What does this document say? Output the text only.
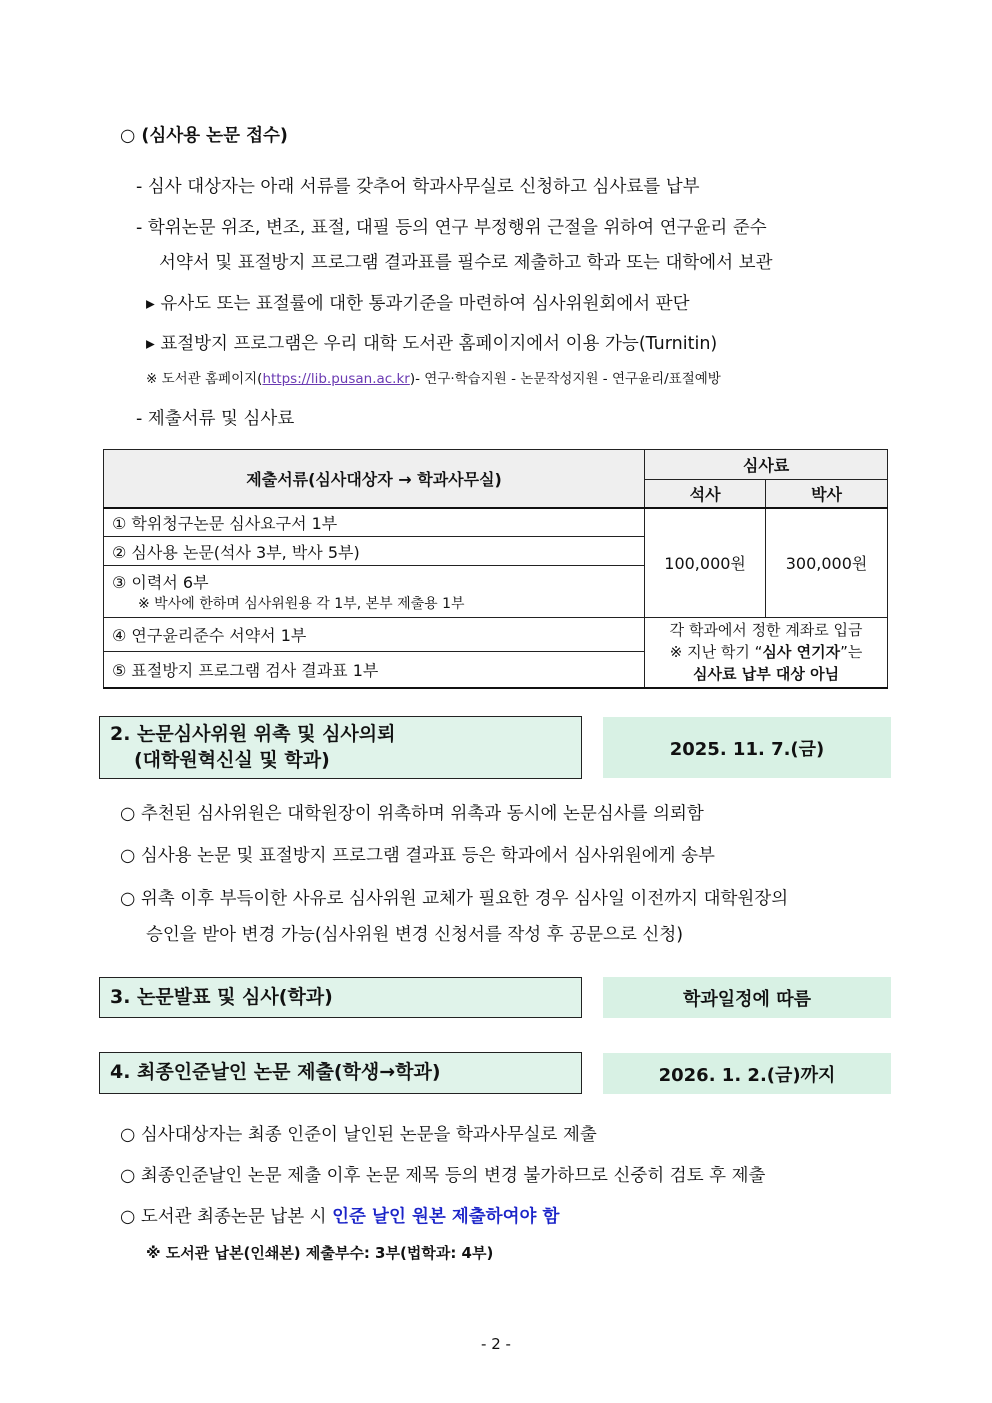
○ (심사용 논문 접수)
- 심사 대상자는 아래 서류를 갖추어 학과사무실로 신청하고 심사료를 납부
- 학위논문 위조, 변조, 표절, 대필 등의 연구 부정행위 근절을 위하여 연구윤리 준수
서약서 및 표절방지 프로그램 결과표를 필수로 제출하고 학과 또는 대학에서 보관
▸ 유사도 또는 표절률에 대한 통과기준을 마련하여 심사위원회에서 판단
▸ 표절방지 프로그램은 우리 대학 도서관 홈페이지에서 이용 가능(Turnitin)
※ 도서관 홈페이지(https://lib.pusan.ac.kr)- 연구·학습지원 - 논문작성지원 - 연구윤리/표절예방
- 제출서류 및 심사료
제출서류(심사대상자 → 학과사무실)	심사료	
	석사	박사
① 학위청구논문 심사요구서 1부	100,000원	300,000원
② 심사용 논문(석사 3부, 박사 5부)		

③ 이력서 6부
※ 박사에 한하며 심사위원용 각 1부, 본부 제출용 1부		

④ 연구윤리준수 서약서 1부	각 학과에서 정한 계좌로 입금
※ 지난 학기 “심사 연기자”는
심사료 납부 대상 아님	

⑤ 표절방지 프로그램 검사 결과표 1부		
2. 논문심사위원 위촉 및 심사의뢰
(대학원혁신실 및 학과)	2025. 11. 7.(금)
○ 추천된 심사위원은 대학원장이 위촉하며 위촉과 동시에 논문심사를 의뢰함
○ 심사용 논문 및 표절방지 프로그램 결과표 등은 학과에서 심사위원에게 송부
○ 위촉 이후 부득이한 사유로 심사위원 교체가 필요한 경우 심사일 이전까지 대학원장의
승인을 받아 변경 가능(심사위원 변경 신청서를 작성 후 공문으로 신청)
3. 논문발표 및 심사(학과)	학과일정에 따름
4. 최종인준날인 논문 제출(학생→학과)	2026. 1. 2.(금)까지
○ 심사대상자는 최종 인준이 날인된 논문을 학과사무실로 제출
○ 최종인준날인 논문 제출 이후 논문 제목 등의 변경 불가하므로 신중히 검토 후 제출
○ 도서관 최종논문 납본 시 인준 날인 원본 제출하여야 함
※ 도서관 납본(인쇄본) 제출부수: 3부(법학과: 4부)
- 2 -
